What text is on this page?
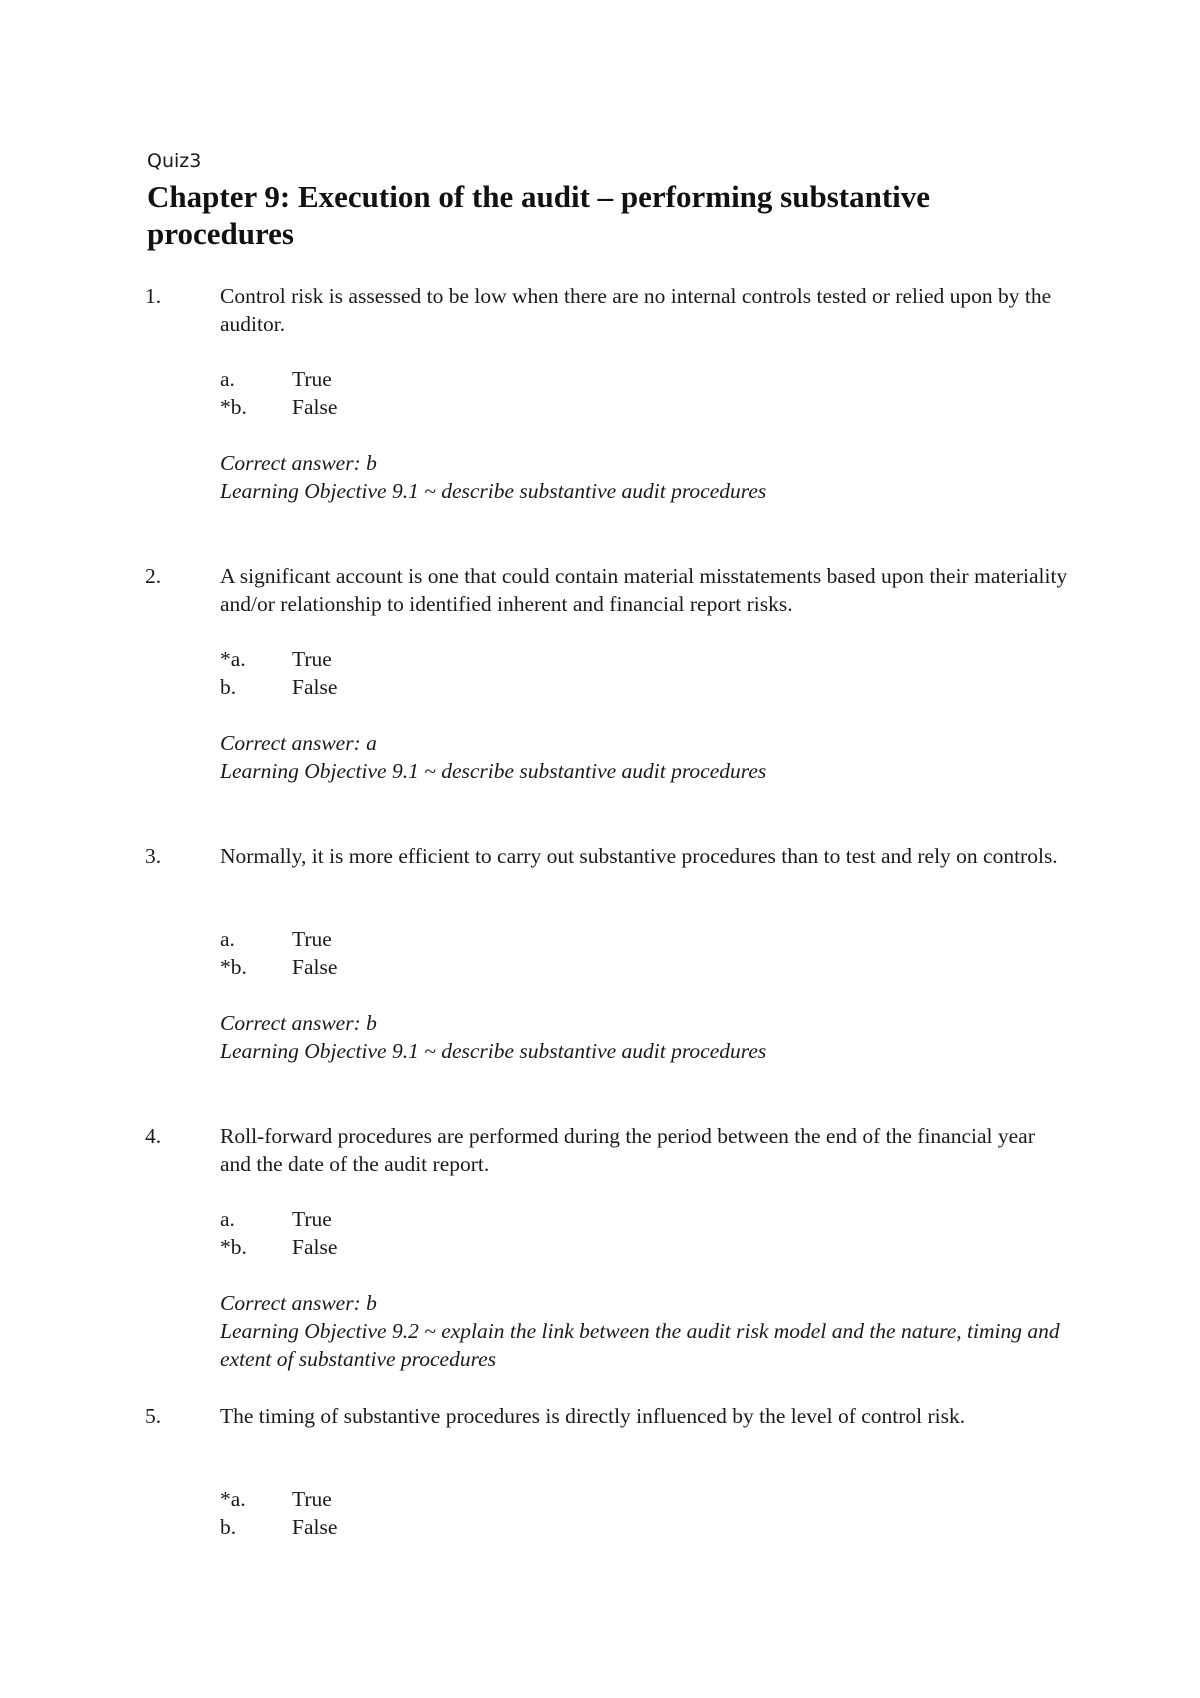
Quiz3
Chapter 9: Execution of the audit – performing substantive procedures
1.	Control risk is assessed to be low when there are no internal controls tested or relied upon by the auditor.
a.	True
*b. False
Correct answer: b
Learning Objective 9.1 ~ describe substantive audit procedures
2.	A significant account is one that could contain material misstatements based upon their materiality and/or relationship to identified inherent and financial report risks.
*a. True
b.	False
Correct answer: a
Learning Objective 9.1 ~ describe substantive audit procedures
3.	Normally, it is more efficient to carry out substantive procedures than to test and rely on controls.
a.	True
*b. False
Correct answer: b
Learning Objective 9.1 ~ describe substantive audit procedures
4.	Roll-forward procedures are performed during the period between the end of the financial year and the date of the audit report.
a.	True
*b. False
Correct answer: b
Learning Objective 9.2 ~ explain the link between the audit risk model and the nature, timing and extent of substantive procedures
5.	The timing of substantive procedures is directly influenced by the level of control risk.
*a. True
b.	False
